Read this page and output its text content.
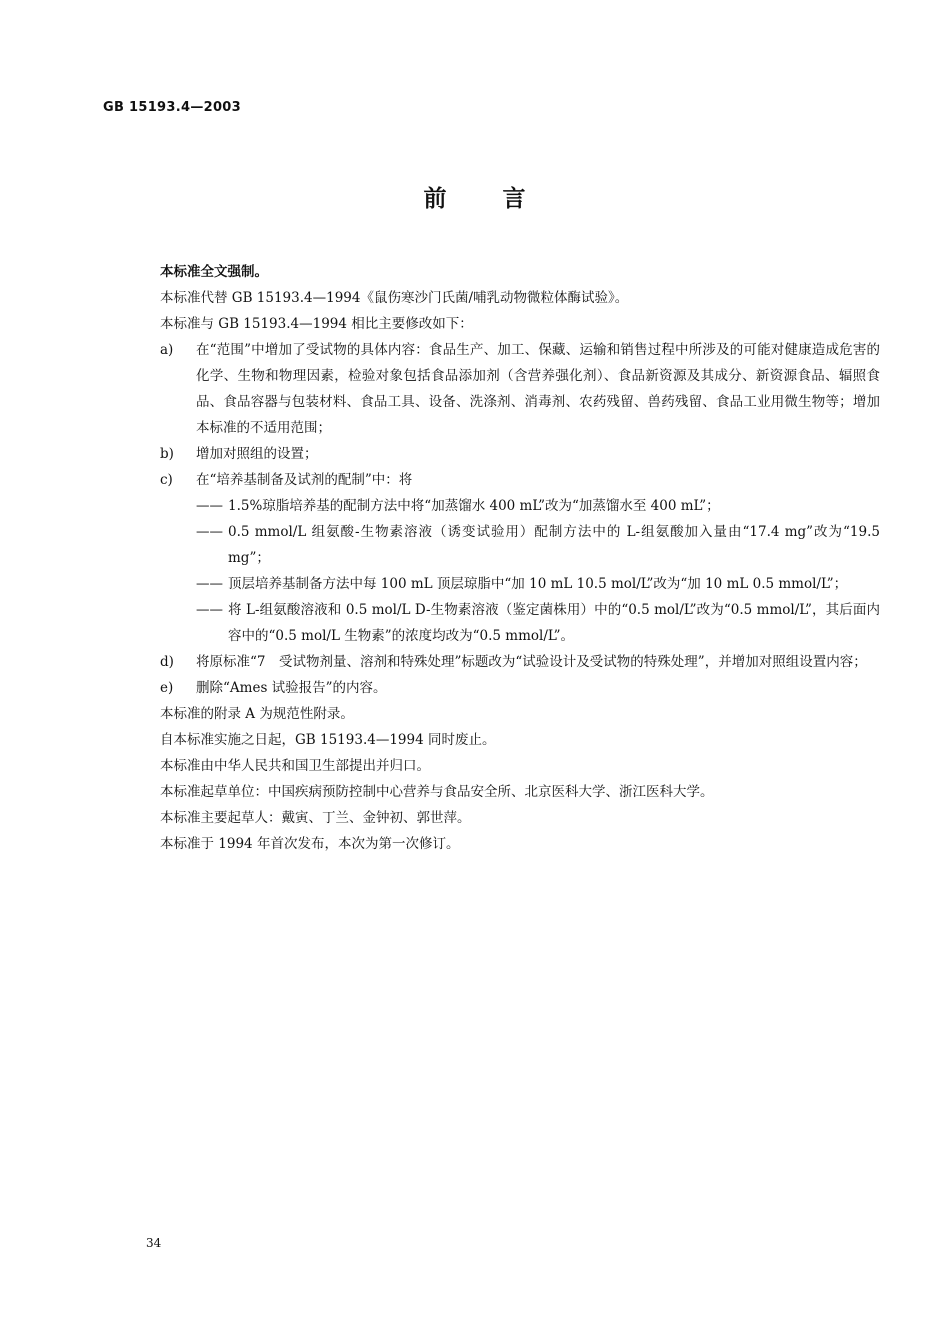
GB 15193.4—2003
前言

本标准全文强制。

本标准代替 GB 15193.4—1994《鼠伤寒沙门氏菌/哺乳动物微粒体酶试验》。

本标准与 GB 15193.4—1994 相比主要修改如下：

a) 在“范围”中增加了受试物的具体内容：食品生产、加工、保藏、运输和销售过程中所涉及的可能对健康造成危害的化学、生物和物理因素，检验对象包括食品添加剂（含营养强化剂）、食品新资源及其成分、新资源食品、辐照食品、食品容器与包装材料、食品工具、设备、洗涤剂、消毒剂、农药残留、兽药残留、食品工业用微生物等；增加本标准的不适用范围；
b) 增加对照组的设置；
c) 在“培养基制备及试剂的配制”中：将
—— 1.5%琼脂培养基的配制方法中将“加蒸馏水 400 mL”改为“加蒸馏水至 400 mL”；
—— 0.5 mmol/L 组氨酸-生物素溶液（诱变试验用）配制方法中的 L-组氨酸加入量由“17.4 mg”改为“19.5 mg”；
—— 顶层培养基制备方法中每 100 mL 顶层琼脂中“加 10 mL 10.5 mol/L”改为“加 10 mL 0.5 mmol/L”；
—— 将 L-组氨酸溶液和 0.5 mol/L D-生物素溶液（鉴定菌株用）中的“0.5 mol/L”改为“0.5 mmol/L”，其后面内容中的“0.5 mol/L 生物素”的浓度均改为“0.5 mmol/L”。
d) 将原标准“7　受试物剂量、溶剂和特殊处理”标题改为“试验设计及受试物的特殊处理”，并增加对照组设置内容；
e) 删除“Ames 试验报告”的内容。

本标准的附录 A 为规范性附录。

自本标准实施之日起，GB 15193.4—1994 同时废止。

本标准由中华人民共和国卫生部提出并归口。

本标准起草单位：中国疾病预防控制中心营养与食品安全所、北京医科大学、浙江医科大学。

本标准主要起草人：戴寅、丁兰、金钟初、郭世萍。

本标准于 1994 年首次发布，本次为第一次修订。

34
